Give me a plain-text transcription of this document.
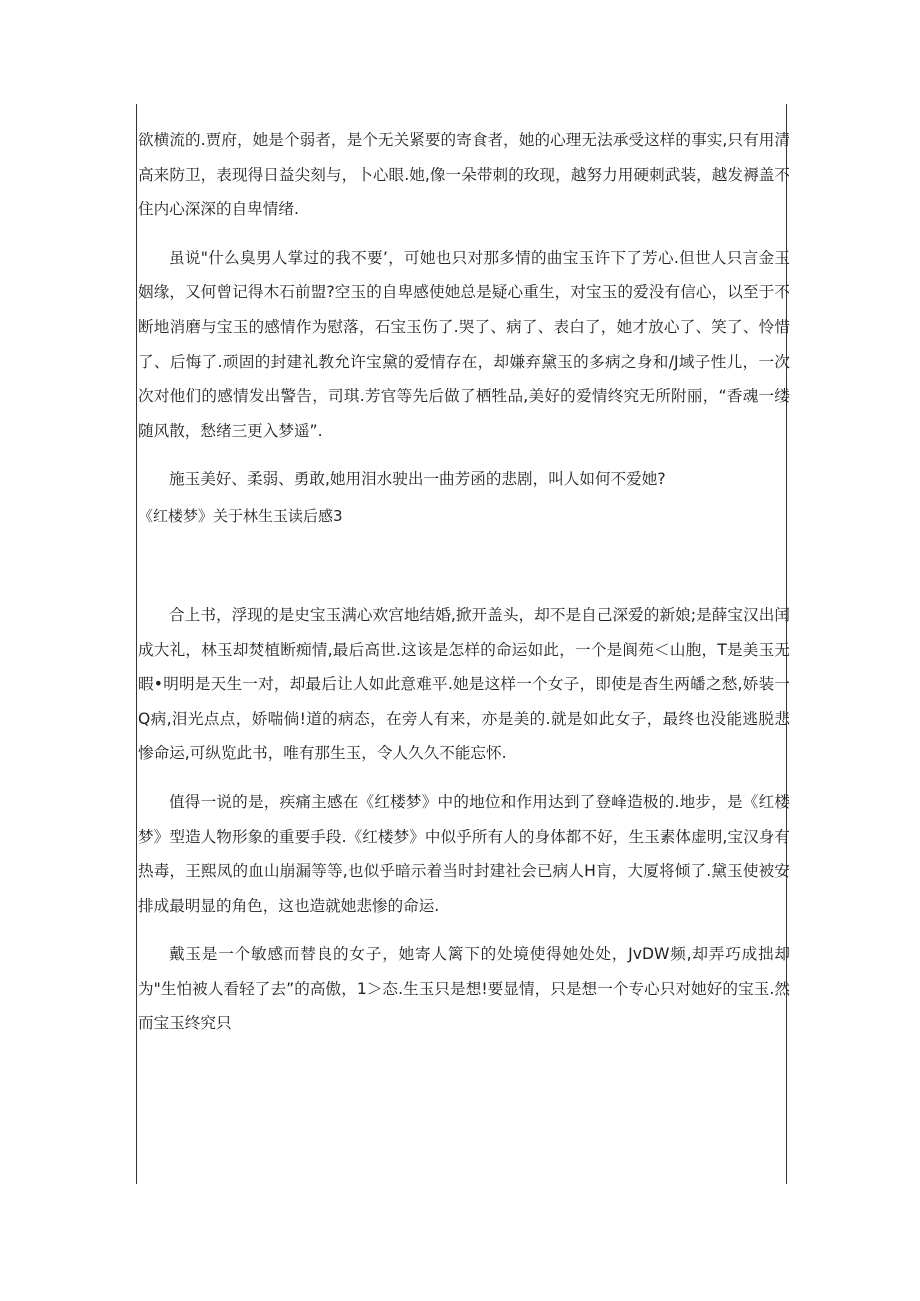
欲横流的.贾府，她是个弱者，是个无关紧要的寄食者，她的心理无法承受这样的事实,只有用清高来防卫，表现得日益尖刻与，卜心眼.她,像一朵带刺的玫现，越努力用硬刺武装，越发褥盖不住内心深深的自卑情绪.

虽说"什么臭男人掌过的我不要’，可她也只对那多情的曲宝玉许下了芳心.但世人只言金玉姻缘，又何曾记得木石前盟?空玉的自卑感使她总是疑心重生，对宝玉的爱没有信心，以至于不断地消磨与宝玉的感情作为慰落，石宝玉伤了.哭了、病了、表白了，她才放心了、笑了、怜惜了、后悔了.顽固的封建礼教允许宝黛的爱情存在，却嫌弃黛玉的多病之身和/J域子性儿，一次次对他们的感情发出警告，司琪.芳官等先后做了栖牲品,美好的爱情终究无所附丽，“香魂一缕随风散，愁绪三更入梦遥”.

施玉美好、柔弱、勇敢,她用泪水驶出一曲芳函的悲剧，叫人如何不爱她?

《红楼梦》关于林生玉读后感3

合上书，浮现的是史宝玉满心欢宫地结婚,掀开盖头，却不是自己深爱的新娘;是薛宝汉出闰成大礼，林玉却焚植断痴情,最后高世.这该是怎样的命运如此，一个是阆苑＜山胞，T是美玉无暇•明明是天生一对，却最后让人如此意难平.她是这样一个女子，即使是杳生两皤之愁,娇装一Q病,泪光点点，娇喘倘!道的病态，在旁人有来，亦是美的.就是如此女子，最终也没能逃脱悲惨命运,可纵览此书，唯有那生玉，令人久久不能忘怀.

值得一说的是，疾痛主感在《红楼梦》中的地位和作用达到了登峰造极的.地步，是《红楼梦》型造人物形象的重要手段.《红楼梦》中似乎所有人的身体都不好，生玉素体虚明,宝汉身有热毒，王熙凤的血山崩漏等等,也似乎暗示着当时封建社会已病人H肓，大厦将倾了.黛玉使被安排成最明显的角色，这也造就她悲惨的命运.

戴玉是一个敏感而替良的女子，她寄人篱下的处境使得她处处，JvDW频,却弄巧成拙却为"生怕被人看轻了去”的高傲，1＞态.生玉只是想!要显情，只是想一个专心只对她好的宝玉.然而宝玉终究只
